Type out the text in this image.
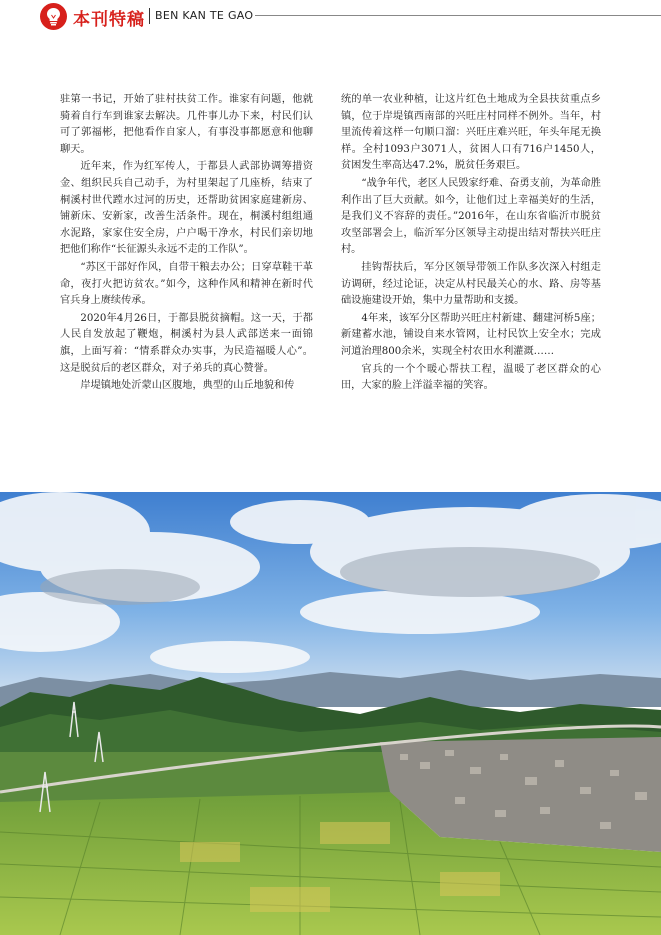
本刊特稿 BEN KAN TE GAO

驻第一书记，开始了驻村扶贫工作。谁家有问题，他就骑着自行车到谁家去解决。几件事儿办下来，村民们认可了郭福彬，把他看作自家人，有事没事都愿意和他聊聊天。

近年来，作为红军传人，于都县人武部协调筹措资金、组织民兵自己动手，为村里架起了几座桥，结束了桐溪村世代蹚水过河的历史，还帮助贫困家庭建新房、铺新床、安新家，改善生活条件。现在，桐溪村组组通水泥路，家家住安全房，户户喝干净水，村民们亲切地把他们称作“长征源头永远不走的工作队”。

“苏区干部好作风，自带干粮去办公；日穿草鞋干革命，夜打火把访贫农。”如今，这种作风和精神在新时代官兵身上赓续传承。

2020年4月26日，于都县脱贫摘帽。这一天，于都人民自发放起了鞭炮，桐溪村为县人武部送来一面锦旗，上面写着：“情系群众办实事，为民造福暖人心”。这是脱贫后的老区群众，对子弟兵的真心赞誉。

岸堤镇地处沂蒙山区腹地，典型的山丘地貌和传

统的单一农业种植，让这片红色土地成为全县扶贫重点乡镇，位于岸堤镇西南部的兴旺庄村同样不例外。当年，村里流传着这样一句顺口溜：兴旺庄难兴旺，年头年尾无换样。全村1093户3071人，贫困人口有716户1450人，贫困发生率高达47.2%，脱贫任务艰巨。

“战争年代，老区人民毁家纾难、奋勇支前，为革命胜利作出了巨大贡献。如今，让他们过上幸福美好的生活，是我们义不容辞的责任。”2016年，在山东省临沂市脱贫攻坚部署会上，临沂军分区领导主动提出结对帮扶兴旺庄村。

挂钩帮扶后，军分区领导带领工作队多次深入村组走访调研，经过论证，决定从村民最关心的水、路、房等基础设施建设开始，集中力量帮助和支援。

4年来，该军分区帮助兴旺庄村新建、翻建河桥5座；新建蓄水池，铺设自来水管网，让村民饮上安全水；完成河道治理800余米，实现全村农田水利灌溉……

官兵的一个个暖心帮扶工程，温暖了老区群众的心田，大家的脸上洋溢幸福的笑容。
